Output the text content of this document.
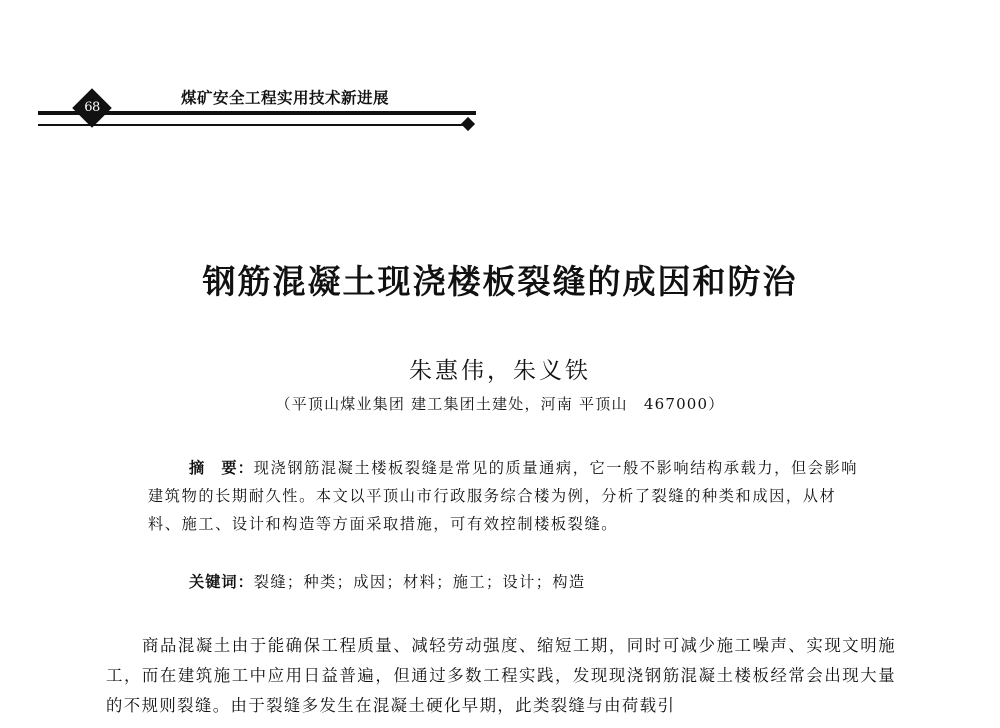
68
煤矿安全工程实用技术新进展
钢筋混凝土现浇楼板裂缝的成因和防治
朱惠伟，朱义铁
（平顶山煤业集团 建工集团土建处，河南 平顶山　467000）
摘　要：现浇钢筋混凝土楼板裂缝是常见的质量通病，它一般不影响结构承载力，但会影响建筑物的长期耐久性。本文以平顶山市行政服务综合楼为例，分析了裂缝的种类和成因，从材料、施工、设计和构造等方面采取措施，可有效控制楼板裂缝。
关键词：裂缝；种类；成因；材料；施工；设计；构造
商品混凝土由于能确保工程质量、减轻劳动强度、缩短工期，同时可减少施工噪声、实现文明施工，而在建筑施工中应用日益普遍，但通过多数工程实践，发现现浇钢筋混凝土楼板经常会出现大量的不规则裂缝。由于裂缝多发生在混凝土硬化早期，此类裂缝与由荷载引
